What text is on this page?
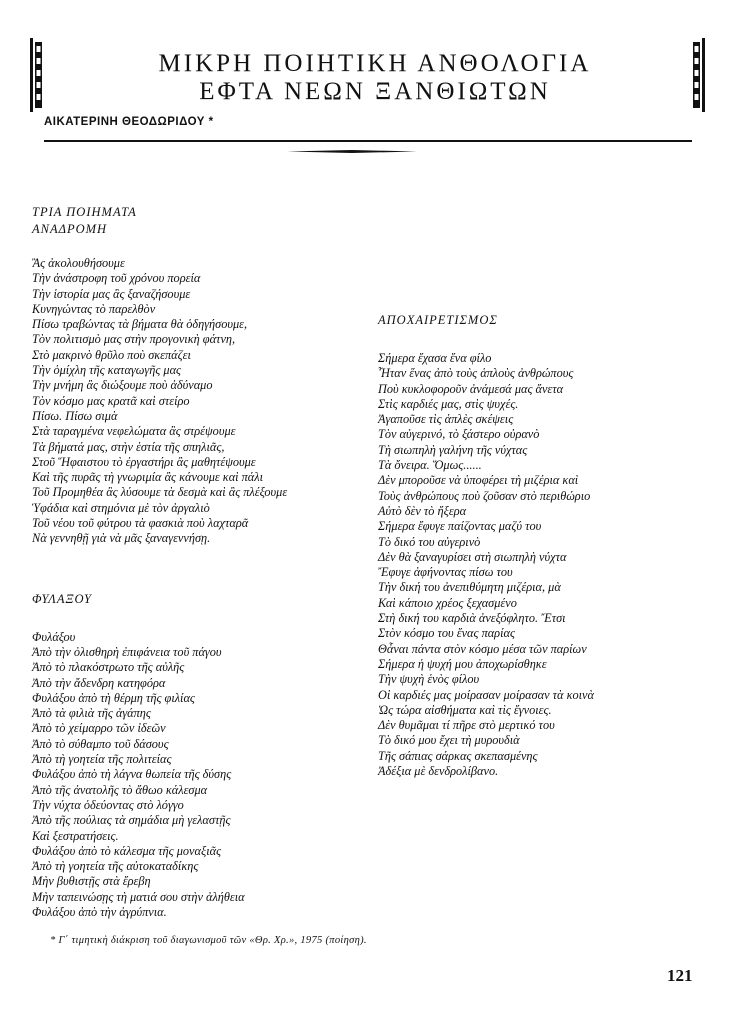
ΜΙΚΡΗ ΠΟΙΗΤΙΚΗ ΑΝΘΟΛΟΓΙΑ
ΕΦΤΑ ΝΕΩΝ ΞΑΝΘΙΩΤΩΝ
ΑΙΚΑΤΕΡΙΝΗ ΘΕΟΔΩΡΙΔΟΥ *
ΤΡΙΑ ΠΟΙΗΜΑΤΑ
ΑΝΑΔΡΟΜΗ
Ἂς ἀκολουθήσουμε
Τὴν ἀνάστροφη τοῦ χρόνου πορεία
Τὴν ἱστορία μας ἂς ξαναζήσουμε
Κυνηγώντας τὸ παρελθὸν
Πίσω τραβώντας τὰ βήματα θὰ ὁδηγήσουμε,
Τὸν πολιτισμὸ μας στὴν προγονικὴ φάτνη,
Στὸ μακρινὸ θρῦλο ποὺ σκεπάζει
Τὴν ὁμίχλη τῆς καταγωγῆς μας
Τὴν μνήμη ἂς διώξουμε ποὺ ἀδύναμο
Τὸν κόσμο μας κρατᾶ καὶ στείρο
Πίσω. Πίσω σιμὰ
Στὰ ταραγμένα νεφελώματα ἂς στρέψουμε
Τὰ βήματά μας, στὴν ἑστία τῆς σπηλιᾶς,
Στοῦ Ἥφαιστου τὸ ἐργαστήρι ἂς μαθητέψουμε
Καὶ τῆς πυρᾶς τὴ γνωριμία ἂς κάνουμε καὶ πάλι
Τοῦ Προμηθέα ἂς λύσουμε τὰ δεσμὰ καὶ ἂς πλέξουμε
Ὑφάδια καὶ στημόνια μὲ τὸν ἀργαλιὸ
Τοῦ νέου τοῦ φύτρου τὰ φασκιὰ ποὺ λαχταρᾶ
Νὰ γεννηθῇ γιὰ νὰ μᾶς ξαναγεννήσῃ.
ΦΥΛΑΞΟΥ
Φυλάξου
Ἀπὸ τὴν ὀλισθηρὴ ἐπιφάνεια τοῦ πάγου
Ἀπὸ τὸ πλακόστρωτο τῆς αὐλῆς
Ἀπὸ τὴν ἄδενδρη κατηφόρα
Φυλάξου ἀπὸ τὴ θέρμη τῆς φιλίας
Ἀπὸ τὰ φιλιὰ τῆς ἀγάπης
Ἀπὸ τὸ χείμαρρο τῶν ἰδεῶν
Ἀπὸ τὸ σύθαμπο τοῦ δάσους
Ἀπὸ τὴ γοητεία τῆς πολιτείας
Φυλάξου ἀπὸ τὴ λάγνα θωπεία τῆς δύσης
Ἀπὸ τῆς ἀνατολῆς τὸ ἄθωο κάλεσμα
Τὴν νύχτα ὁδεύοντας στὸ λόγγο
Ἀπὸ τῆς πούλιας τὰ σημάδια μὴ γελαστῇς
Καὶ ξεστρατήσεις.
Φυλάξου ἀπὸ τὸ κάλεσμα τῆς μοναξιᾶς
Ἀπὸ τὴ γοητεία τῆς αὐτοκαταδίκης
Μὴν βυθιστῇς στὰ ἔρεβη
Μὴν ταπεινώσῃς τὴ ματιά σου στὴν ἀλήθεια
Φυλάξου ἀπὸ τὴν ἀγρύπνια.
ΑΠΟΧΑΙΡΕΤΙΣΜΟΣ
Σήμερα ἔχασα ἕνα φίλο
Ἦταν ἕνας ἀπὸ τοὺς ἁπλοὺς ἀνθρώπους
Ποὺ κυκλοφοροῦν ἀνάμεσά μας ἄνετα
Στὶς καρδιές μας, στὶς ψυχές.
Ἀγαποῦσε τὶς ἁπλὲς σκέψεις
Τὸν αὐγερινό, τὸ ξάστερο οὐρανὸ
Τὴ σιωπηλὴ γαλήνη τῆς νύχτας
Τὰ ὄνειρα. Ὅμως......
Δὲν μποροῦσε νὰ ὑποφέρει τὴ μιζέρια καὶ
Τοὺς ἀνθρώπους ποὺ ζοῦσαν στὸ περιθώριο
Αὐτὸ δὲν τὸ ἤξερα
Σήμερα ἔφυγε παίζοντας μαζύ του
Τὸ δικό του αὐγερινὸ
Δὲν θὰ ξαναγυρίσει στὴ σιωπηλὴ νύχτα
Ἔφυγε ἀφήνοντας πίσω του
Τὴν δική του ἀνεπιθύμητη μιζέρια, μὰ
Καὶ κάποιο χρέος ξεχασμένο
Στὴ δική του καρδιὰ ἀνεξόφλητο. Ἔτσι
Στὸν κόσμο του ἕνας παρίας
Θἆναι πάντα στὸν κόσμο μέσα τῶν παρίων
Σήμερα ἡ ψυχή μου ἀποχωρίσθηκε
Τὴν ψυχὴ ἑνὸς φίλου
Οἱ καρδιές μας μοίρασαν μοίρασαν τὰ κοινὰ
Ὡς τώρα αἰσθήματα καὶ τὶς ἔγνοιες.
Δὲν θυμᾶμαι τί πῆρε στὸ μερτικό του
Τὸ δικό μου ἔχει τὴ μυρουδιὰ
Τῆς σάπιας σάρκας σκεπασμένης
Ἀδέξια μὲ δενδρολίβανο.
* Γ΄ τιμητικὴ διάκριση τοῦ διαγωνισμοῦ τῶν «Θρ. Χρ.», 1975 (ποίηση).
121
